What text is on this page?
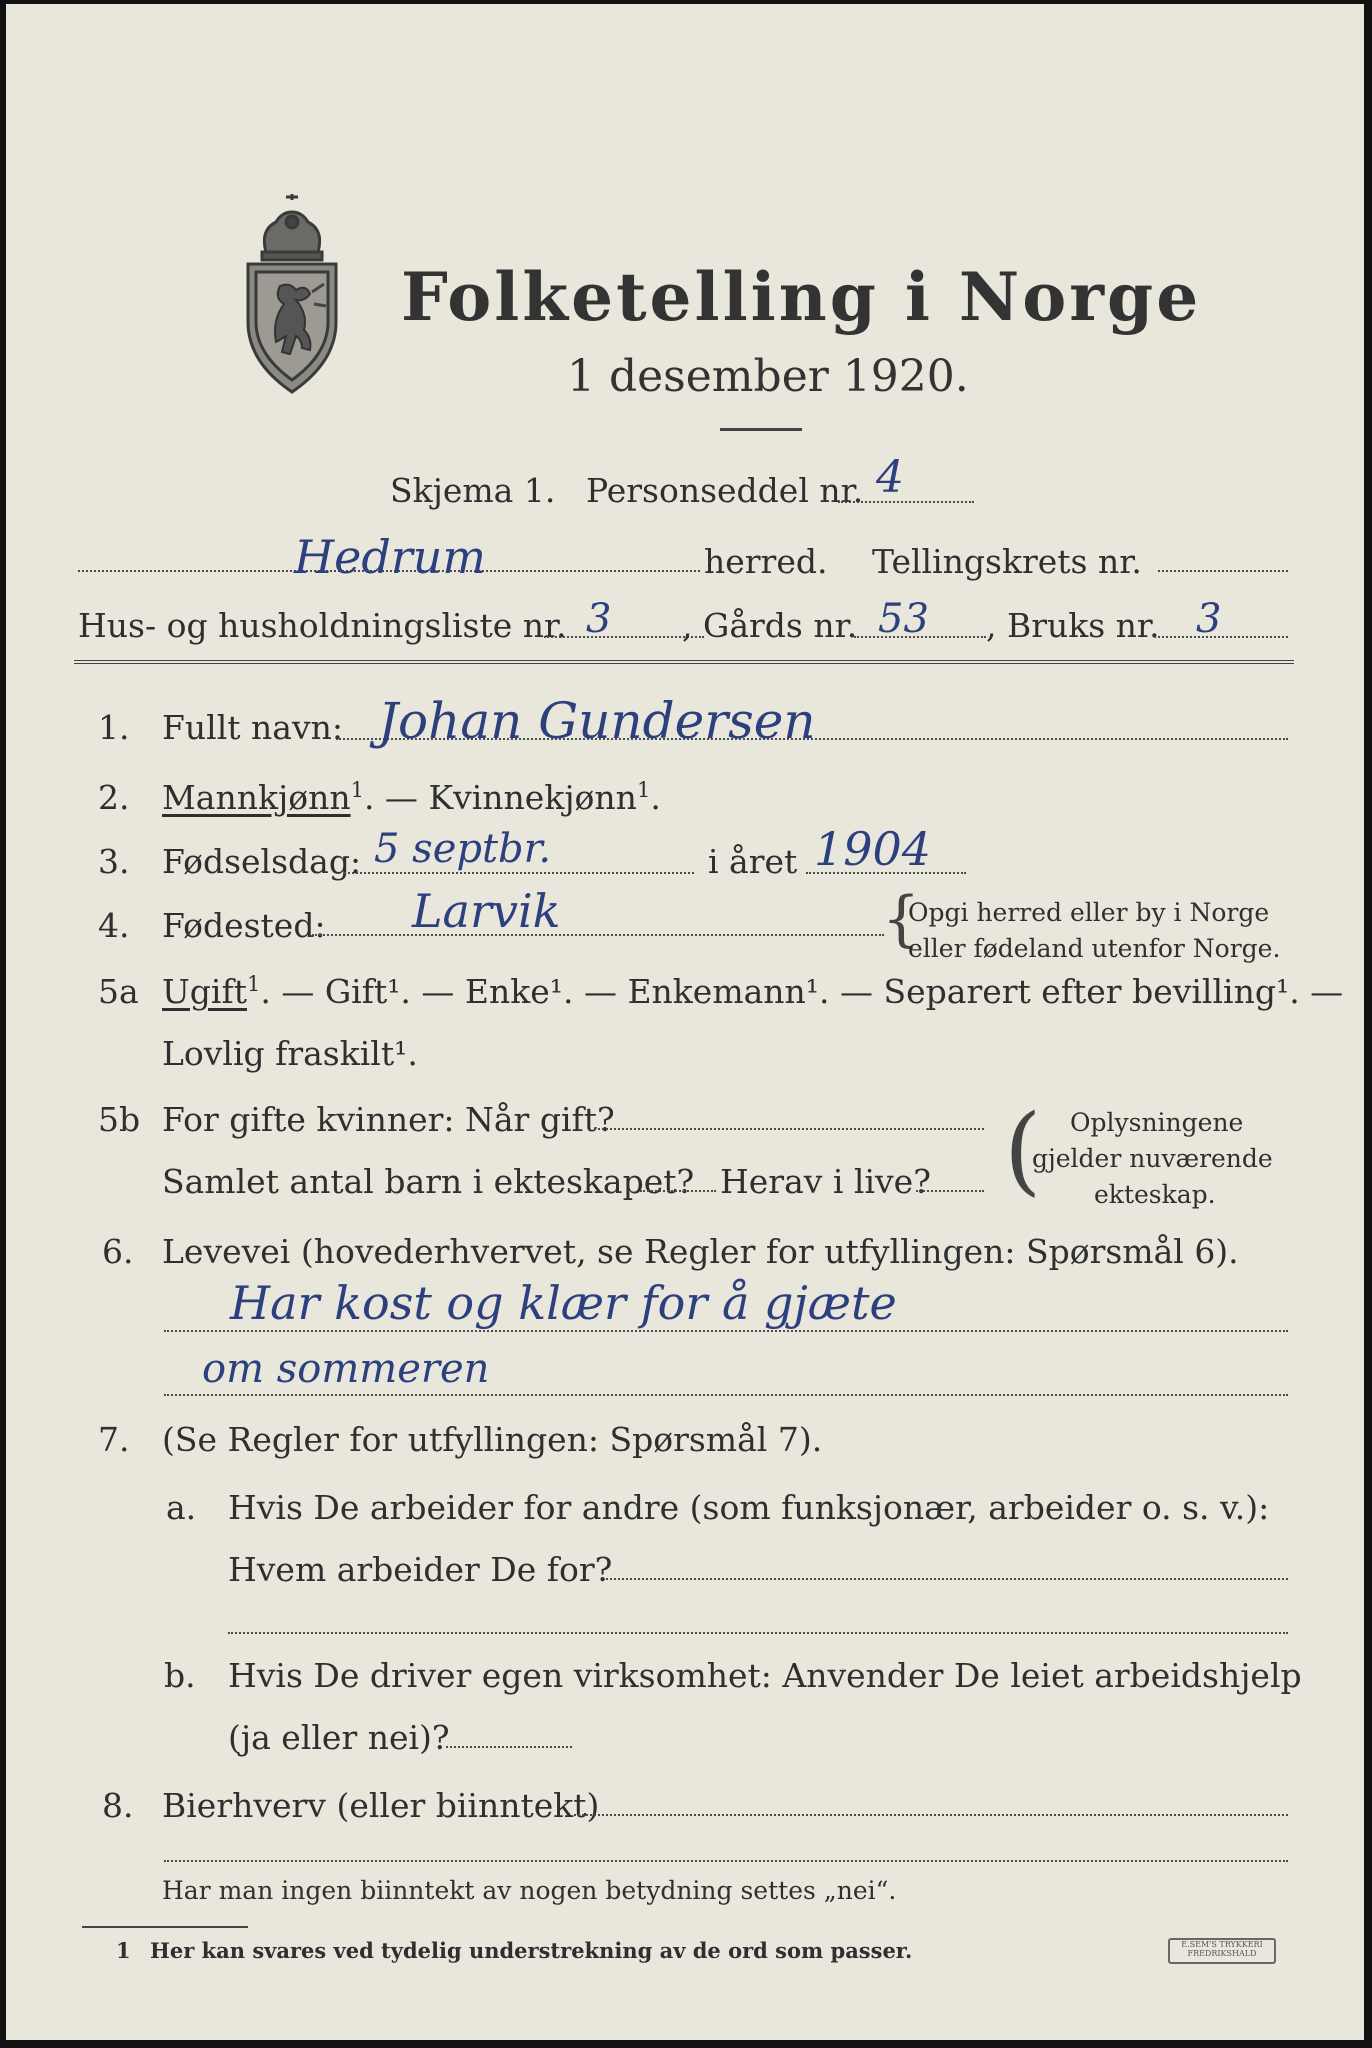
Folketelling i Norge
1 desember 1920.
Skjema 1. Personseddel nr. 4
Hedrum	herred. Tellingskrets nr.
Hus- og husholdningsliste nr. 3 , Gårds nr. 53 , Bruks nr. 3
1. Fullt navn: Johan Gundersen
2. Mannkjønn$^1$. — Kvinnekjønn$^1$.
3. Fødselsdag: 5 septbr.	i året 1904
4. Fødested: Larvik	{
Opgi herred eller by i Norge
eller fødeland utenfor Norge.
5a Ugift$^1$. — Gift¹. — Enke¹. — Enkemann¹. — Separert efter bevilling¹. —
Lovlig fraskilt¹.
5b For gifte kvinner: Når gift?
Samlet antal barn i ekteskapet? Herav i live? ( Oplysningene
gjelder nuværende
ekteskap.
6. Levevei (hovederhvervet, se Regler for utfyllingen: Spørsmål 6).
Har kost og klær for å gjæte
om sommeren
7. (Se Regler for utfyllingen: Spørsmål 7).
a. Hvis De arbeider for andre (som funksjonær, arbeider o. s. v.):
Hvem arbeider De for?
b. Hvis De driver egen virksomhet: Anvender De leiet arbeidshjelp
(ja eller nei)?
8. Bierhverv (eller biinntekt)
Har man ingen biinntekt av nogen betydning settes „nei“.
1 Her kan svares ved tydelig understrekning av de ord som passer.	E.SEM'S TRYKKERI
FREDRIKSHALD
